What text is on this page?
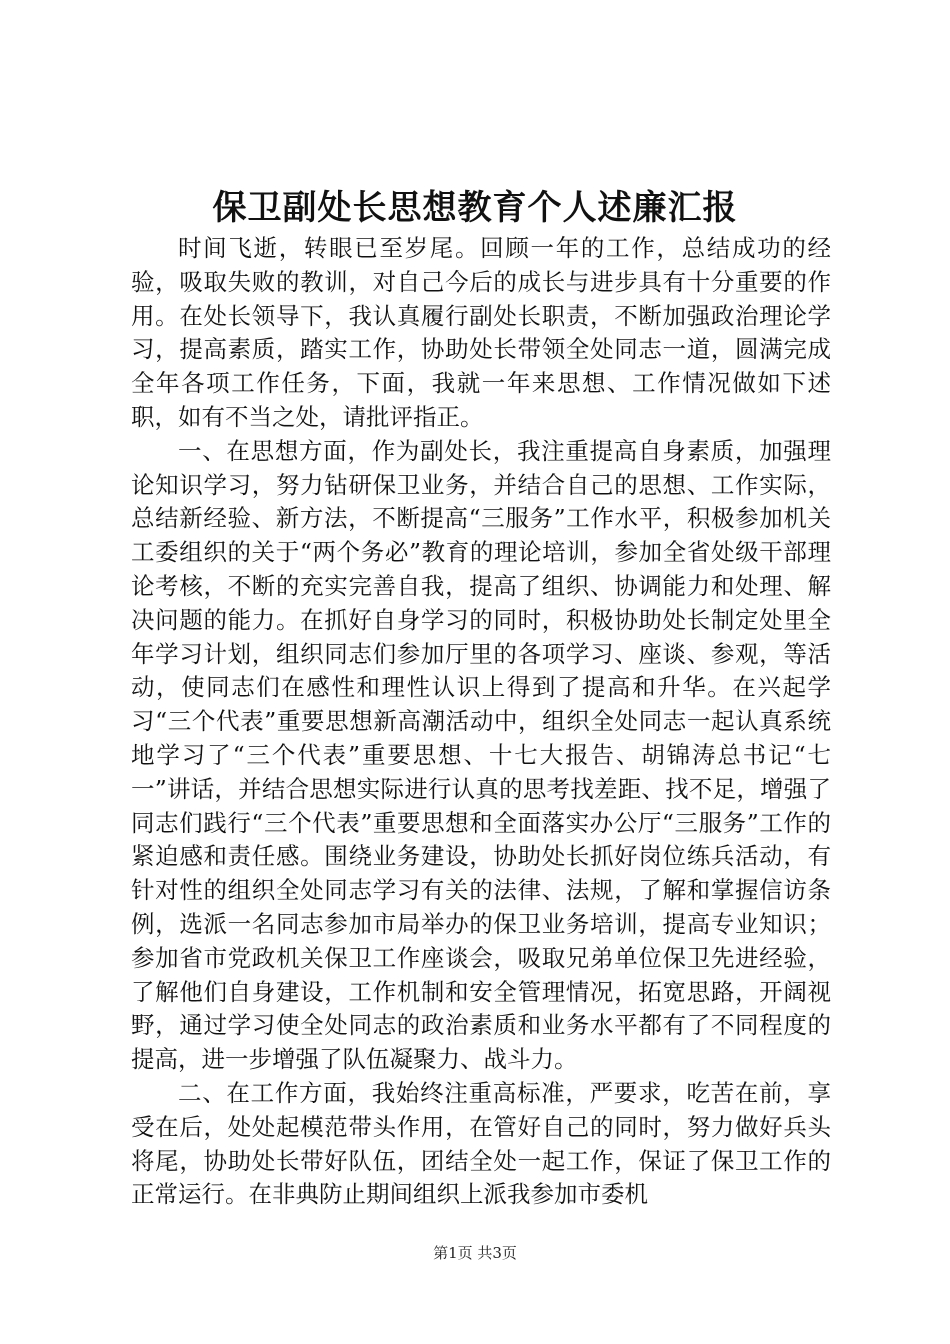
保卫副处长思想教育个人述廉汇报

时间飞逝，转眼已至岁尾。回顾一年的工作，总结成功的经验，吸取失败的教训，对自己今后的成长与进步具有十分重要的作用。在处长领导下，我认真履行副处长职责，不断加强政治理论学习，提高素质，踏实工作，协助处长带领全处同志一道，圆满完成全年各项工作任务，下面，我就一年来思想、工作情况做如下述职，如有不当之处，请批评指正。

一、在思想方面，作为副处长，我注重提高自身素质，加强理论知识学习，努力钻研保卫业务，并结合自己的思想、工作实际，总结新经验、新方法，不断提高“三服务”工作水平，积极参加机关工委组织的关于“两个务必”教育的理论培训，参加全省处级干部理论考核，不断的充实完善自我，提高了组织、协调能力和处理、解决问题的能力。在抓好自身学习的同时，积极协助处长制定处里全年学习计划，组织同志们参加厅里的各项学习、座谈、参观，等活动，使同志们在感性和理性认识上得到了提高和升华。在兴起学习“三个代表”重要思想新高潮活动中，组织全处同志一起认真系统地学习了“三个代表”重要思想、十七大报告、胡锦涛总书记“七一”讲话，并结合思想实际进行认真的思考找差距、找不足，增强了同志们践行“三个代表”重要思想和全面落实办公厅“三服务”工作的紧迫感和责任感。围绕业务建设，协助处长抓好岗位练兵活动，有针对性的组织全处同志学习有关的法律、法规，了解和掌握信访条例，选派一名同志参加市局举办的保卫业务培训，提高专业知识；参加省市党政机关保卫工作座谈会，吸取兄弟单位保卫先进经验，了解他们自身建设，工作机制和安全管理情况，拓宽思路，开阔视野，通过学习使全处同志的政治素质和业务水平都有了不同程度的提高，进一步增强了队伍凝聚力、战斗力。

二、在工作方面，我始终注重高标准，严要求，吃苦在前，享受在后，处处起模范带头作用，在管好自己的同时，努力做好兵头将尾，协助处长带好队伍，团结全处一起工作，保证了保卫工作的正常运行。在非典防止期间组织上派我参加市委机

第1页 共3页
